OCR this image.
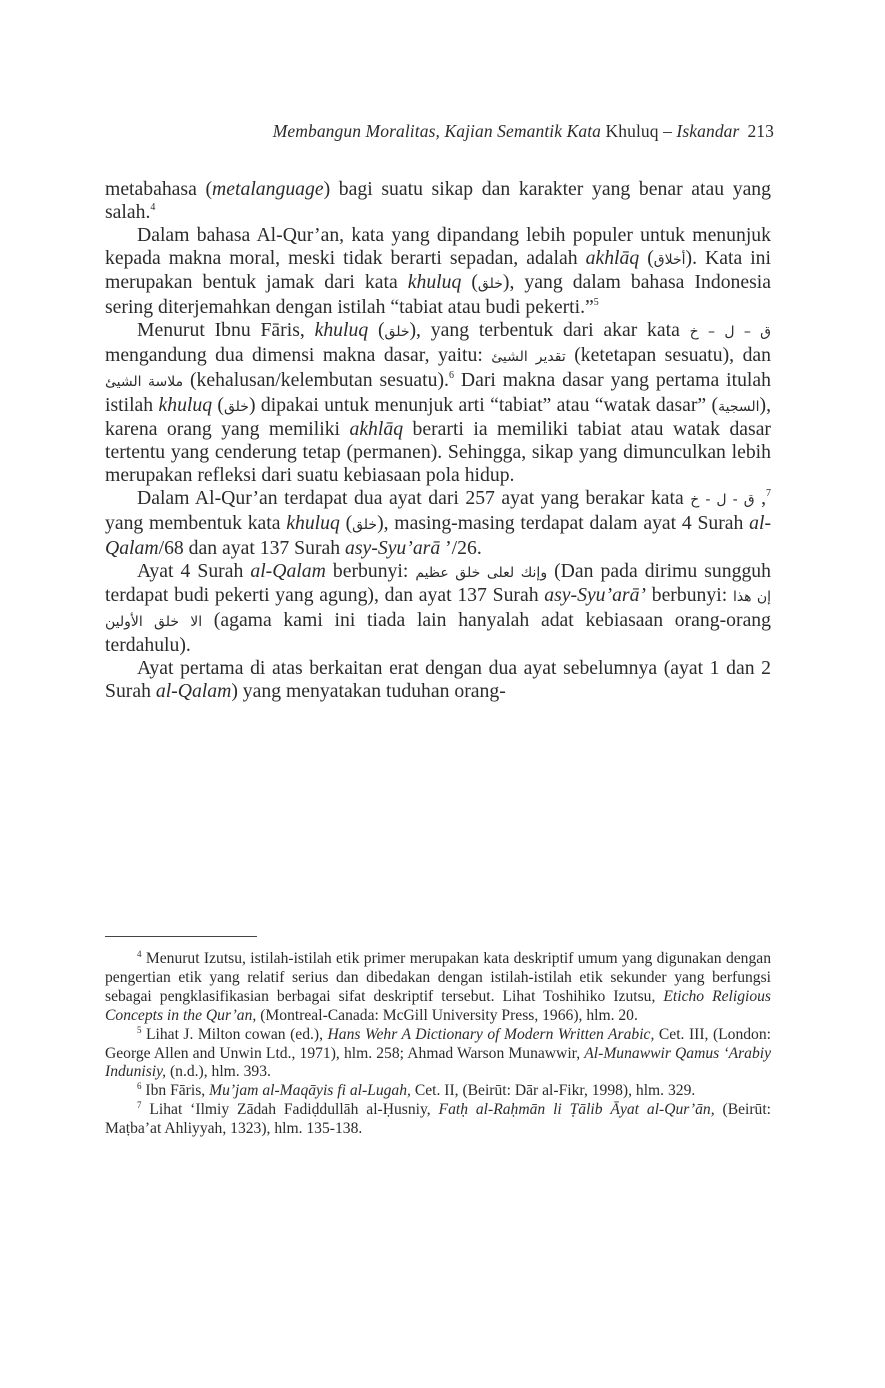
Membangun Moralitas, Kajian Semantik Kata Khuluq – Iskandar 213

metabahasa (metalanguage) bagi suatu sikap dan karakter yang benar atau yang salah.$^4$

Dalam bahasa Al-Qur’an, kata yang dipandang lebih populer untuk menunjuk kepada makna moral, meski tidak berarti sepadan, adalah akhlāq (أخلاق). Kata ini merupakan bentuk jamak dari kata khuluq (خلق), yang dalam bahasa Indonesia sering diterjemahkan dengan istilah “tabiat atau budi pekerti.”$^5$

Menurut Ibnu Fāris, khuluq (خلق), yang terbentuk dari akar kata ق – ل – خ mengandung dua dimensi makna dasar, yaitu: تقدير الشيئ (ketetapan sesuatu), dan ملاسة الشيئ (kehalusan/kelembutan sesuatu).$^6$ Dari makna dasar yang pertama itulah istilah khuluq (خلق) dipakai untuk menunjuk arti “tabiat” atau “watak dasar” (السجية), karena orang yang memiliki akhlāq berarti ia memiliki tabiat atau watak dasar tertentu yang cenderung tetap (permanen). Sehingga, sikap yang dimunculkan lebih merupakan refleksi dari suatu kebiasaan pola hidup.

Dalam Al-Qur’an terdapat dua ayat dari 257 ayat yang berakar kata ق - ل - خ ,$^7$ yang membentuk kata khuluq (خلق), masing-masing terdapat dalam ayat 4 Surah al-Qalam/68 dan ayat 137 Surah asy-Syu’arā ’/26.

Ayat 4 Surah al-Qalam berbunyi: وإنك لعلى خلق عظيم (Dan pada dirimu sungguh terdapat budi pekerti yang agung), dan ayat 137 Surah asy-Syu’arā’ berbunyi: إن هذا الا خلق الأولين (agama kami ini tiada lain hanyalah adat kebiasaan orang-orang terdahulu).

Ayat pertama di atas berkaitan erat dengan dua ayat sebelumnya (ayat 1 dan 2 Surah al-Qalam) yang menyatakan tuduhan orang-

$^4$ Menurut Izutsu, istilah-istilah etik primer merupakan kata deskriptif umum yang digunakan dengan pengertian etik yang relatif serius dan dibedakan dengan istilah-istilah etik sekunder yang berfungsi sebagai pengklasifikasian berbagai sifat deskriptif tersebut. Lihat Toshihiko Izutsu, Eticho Religious Concepts in the Qur’an, (Montreal-Canada: McGill University Press, 1966), hlm. 20.

$^5$ Lihat J. Milton cowan (ed.), Hans Wehr A Dictionary of Modern Written Arabic, Cet. III, (London: George Allen and Unwin Ltd., 1971), hlm. 258; Ahmad Warson Munawwir, Al-Munawwir Qamus ‘Arabiy Indunisiy, (n.d.), hlm. 393.

$^6$ Ibn Fāris, Mu’jam al-Maqāyis fi al-Lugah, Cet. II, (Beirūt: Dār al-Fikr, 1998), hlm. 329.

$^7$ Lihat ‘Ilmiy Zādah Fadiḍdullāh al-Ḥusniy, Fatḥ al-Raḥmān li Ṭālib Āyat al-Qur’ān, (Beirūt: Maṭba’at Ahliyyah, 1323), hlm. 135-138.
